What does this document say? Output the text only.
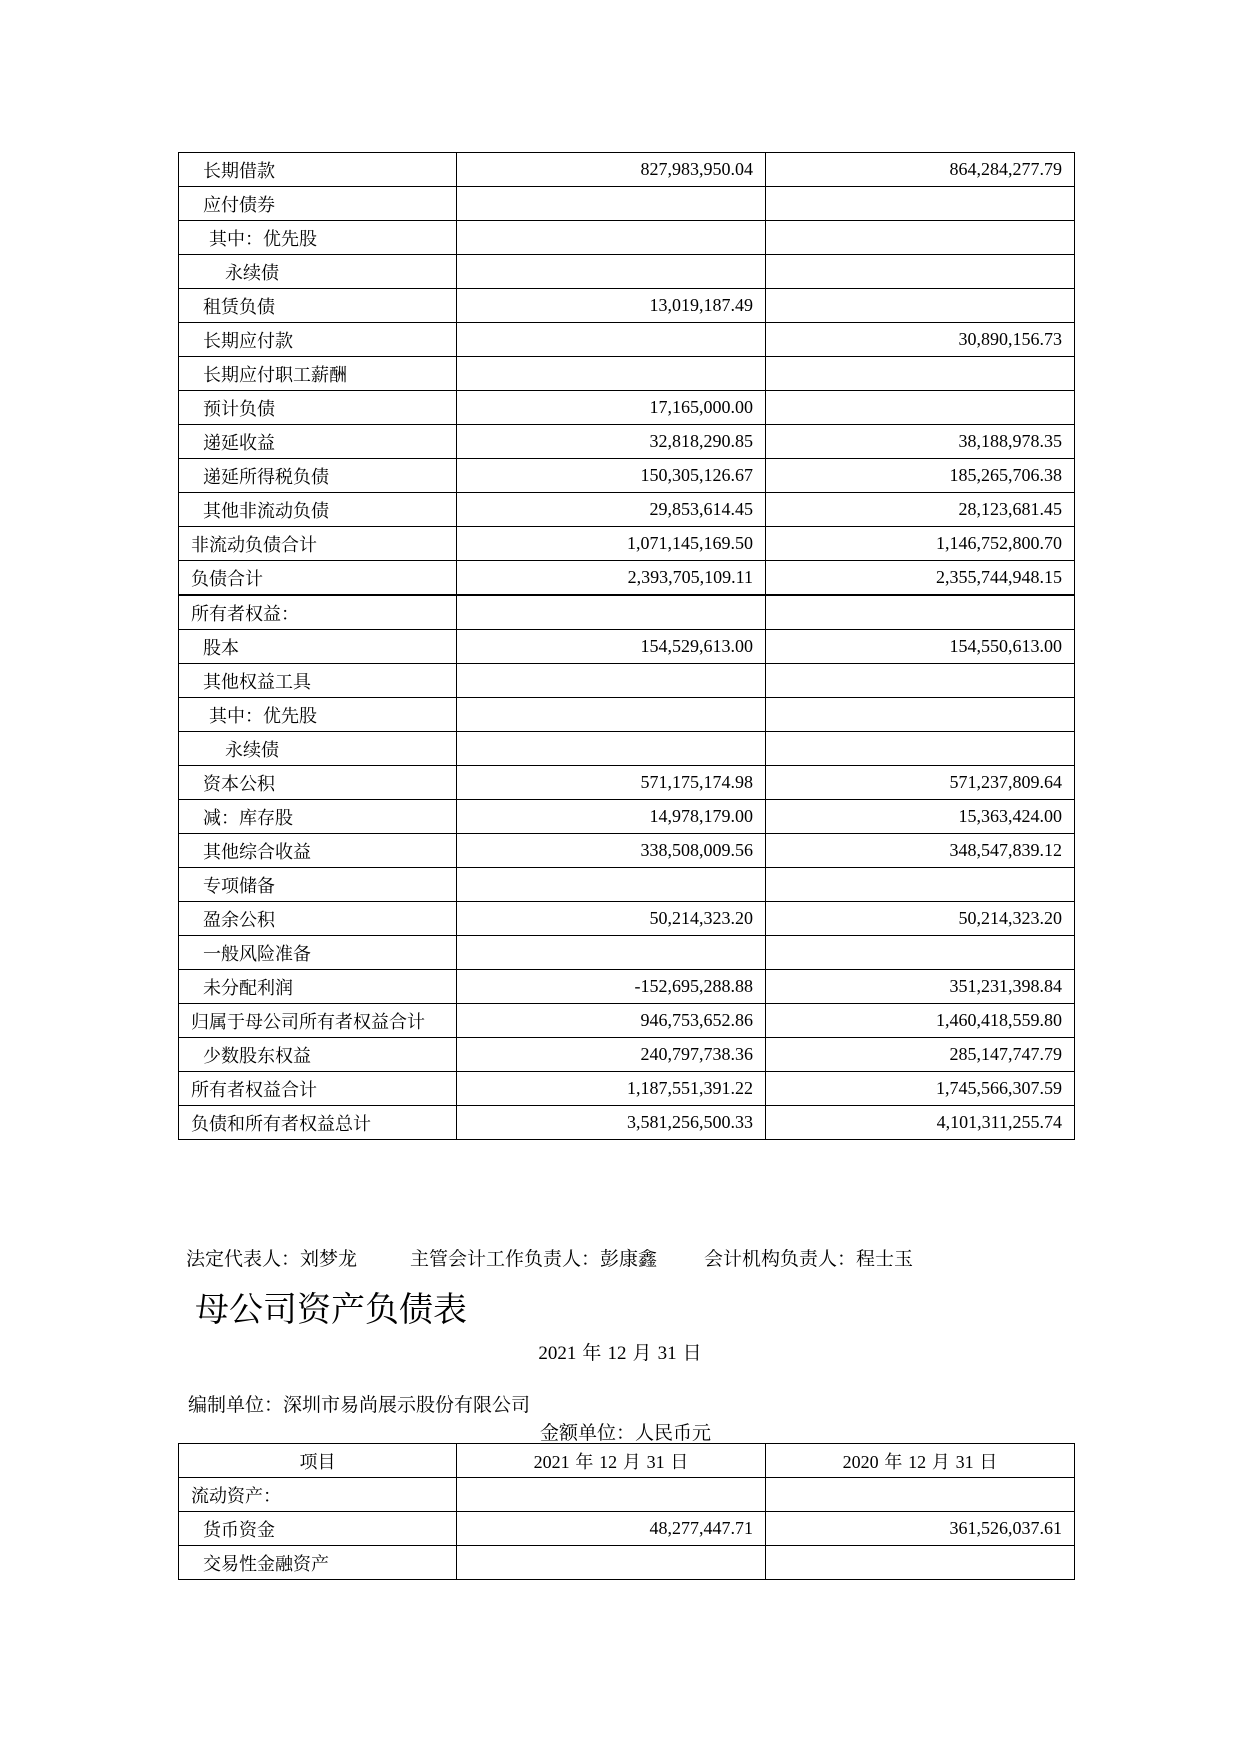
长期借款	827,983,950.04	864,284,277.79
应付债券		
其中：优先股		
永续债		
租赁负债	13,019,187.49	
长期应付款		30,890,156.73
长期应付职工薪酬		
预计负债	17,165,000.00	
递延收益	32,818,290.85	38,188,978.35
递延所得税负债	150,305,126.67	185,265,706.38
其他非流动负债	29,853,614.45	28,123,681.45
非流动负债合计	1,071,145,169.50	1,146,752,800.70
负债合计	2,393,705,109.11	2,355,744,948.15
所有者权益：		
股本	154,529,613.00	154,550,613.00
其他权益工具		
其中：优先股		
永续债		
资本公积	571,175,174.98	571,237,809.64
减：库存股	14,978,179.00	15,363,424.00
其他综合收益	338,508,009.56	348,547,839.12
专项储备		
盈余公积	50,214,323.20	50,214,323.20
一般风险准备		
未分配利润	-152,695,288.88	351,231,398.84
归属于母公司所有者权益合计	946,753,652.86	1,460,418,559.80
少数股东权益	240,797,738.36	285,147,747.79
所有者权益合计	1,187,551,391.22	1,745,566,307.59
负债和所有者权益总计	3,581,256,500.33	4,101,311,255.74
法定代表人：刘梦龙	主管会计工作负责人：彭康鑫 会计机构负责人：程士玉
母公司资产负债表
2021 年 12 月 31 日
编制单位：深圳市易尚展示股份有限公司
金额单位：人民币元
项目	2021 年 12 月 31 日	2020 年 12 月 31 日
流动资产：		
货币资金	48,277,447.71	361,526,037.61
交易性金融资产		
